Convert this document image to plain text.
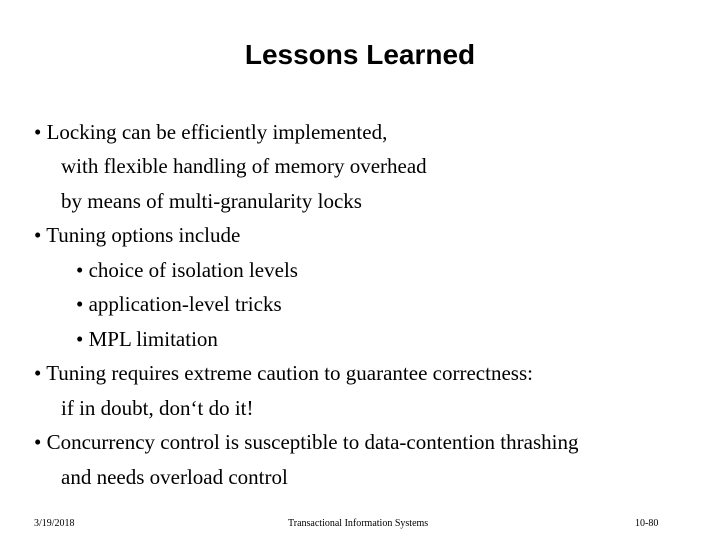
Lessons Learned
• Locking can be efficiently implemented,
with flexible handling of memory overhead
by means of multi-granularity locks
• Tuning options include
• choice of isolation levels
• application-level tricks
• MPL limitation
• Tuning requires extreme caution to guarantee correctness:
if in doubt, don‘t do it!
• Concurrency control is susceptible to data-contention thrashing
and needs overload control
3/19/2018	Transactional Information Systems	10-80
